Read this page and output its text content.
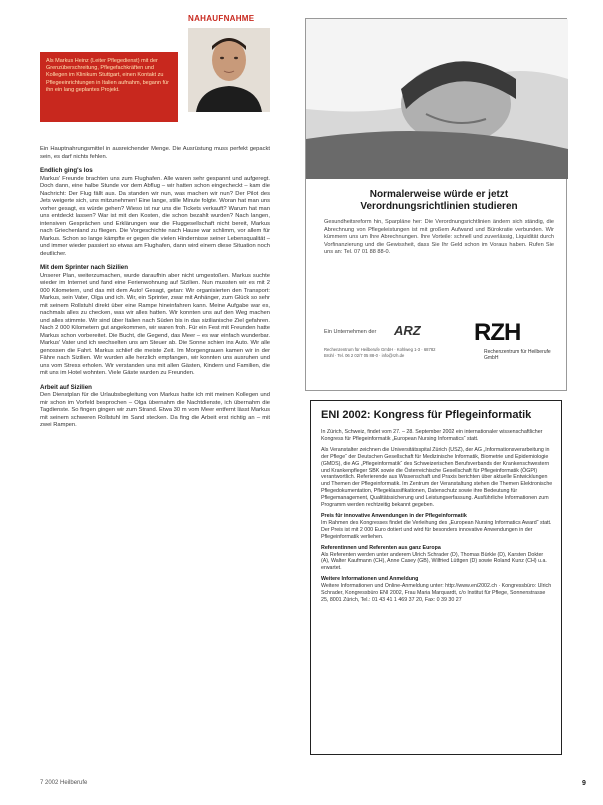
NAHAUFNAHME
Als Markus Heinz (Leiter Pflegedienst) mit der Grenzüberschreitung, Pflegefachkräften und Kollegen im Klinikum Stuttgart, einen Kontakt zu Pflegeeinrichtungen in Italien aufnahm, begann für ihn ein lang geplantes Projekt.

Ein Hauptnahrungsmittel in ausreichender Menge. Die Ausrüstung muss perfekt gepackt sein, es darf nichts fehlen.

Endlich ging's los

Markus' Freunde brachten uns zum Flughafen. Alle waren sehr gespannt und aufgeregt. Doch dann, eine halbe Stunde vor dem Abflug – wir hatten schon eingecheckt – kam die Nachricht: Der Flug fällt aus. Da standen wir nun, was machen wir nun? Der Pilot des Jets weigerte sich, uns mitzunehmen! Eine lange, stille Minute folgte. Woran hat man uns vorher gesagt, es würde gehen? Wieso ist nur uns die Tickets verkauft? Warum hat man uns entdeckt lassen? War ist mit den Kosten, die schon bezahlt wurden? Nach langen, intensiven Gesprächen und Erklärungen war die Fluggesellschaft nicht bereit, Markus nach Griechenland zu fliegen. Die Vorgeschichte nach Hause war schlimm, vor allem für Markus. Schon so lange kämpfte er gegen die vielen Hindernisse seiner Lebensqualität – und immer wieder passiert so etwas am Flughafen, dann wird einem diese Situation noch deutlicher.

Mit dem Sprinter nach Sizilien

Unserer Plan, weiterzumachen, wurde daraufhin aber nicht umgestoßen. Markus suchte wieder im Internet und fand eine Ferienwohnung auf Sizilien. Nun mussten wir es mit 2 000 Kilometern, und das mit dem Auto! Gesagt, getan: Wir organisierten den Transport: Markus, sein Vater, Olga und ich. Wir, ein Sprinter, zwar mit Anhänger, zum Glück so sehr mit seinem Rollstuhl direkt über eine Rampe hineinfahren kann. Meine Aufgabe war es, nachmals alles zu checken, was wir alles hatten. Wir konnten uns auf den Weg machen und alles stimmte. Wir sind über Italien nach Süden bis in das sizilianische Ziel gefahren. Nach 2 000 Kilometern gut angekommen, wir waren froh. Für ein Fest mit Freunden hatte Markus schon vorbereitet. Die Bucht, die Gegend, das Meer – es war einfach wunderbar. Markus' Vater und ich wechselten uns am Steuer ab. Die Sonne schien ins Auto. Wir alle genossen die Fahrt. Markus schlief die meiste Zeit. Im Morgengrauen kamen wir in der Fähre nach Sizilien. Wir wurden alle herzlich empfangen, wir konnten uns ausruhen und uns vom Stress erholen. Wir verstanden uns mit allen Gästen, Kindern und Familien, die mit uns im Hotel wohnten. Viele Gäste wurden zu Freunden.

Arbeit auf Sizilien

Den Dienstplan für die Urlaubsbegleitung von Markus hatte ich mit meinen Kollegen und mir schon im Vorfeld besprochen – Olga übernahm die Nachtdienste, ich übernahm die Tagdienste. So fingen gingen wir zum Strand. Etwa 30 m vom Meer entfernt lässt Markus mit seinem schweren Rollstuhl im Sand stecken. Da fing die Arbeit erst richtig an – mit zwei Rampen.

Normalerweise würde er jetzt Verordnungsrichtlinien studieren
Gesundheitsreform hin, Sparpläne her: Die Verordnungsrichtlinien ändern sich ständig, die Abrechnung von Pflegeleistungen ist mit großem Aufwand und Bürokratie verbunden. Wir kümmern uns um Ihre Abrechnungen. Ihre Vorteile: schnell und zuverlässig, Liquidität durch Vorfinanzierung und die Gewissheit, dass Sie Ihr Geld schon im Voraus haben. Rufen Sie uns an: Tel. 07 01 88 88-0.
Ein Unternehmen der ARZ
Rechenzentrum für Heilberufe GmbH · Kohlweg 1-3 · 68782 Brühl · Tel. 06 2 02/7 05 88-0 · info@rzh.de
RZH
Rechenzentrum für Heilberufe GmbH
ENI 2002: Kongress für Pflegeinformatik

In Zürich, Schweiz, findet vom 27. – 28. September 2002 ein internationaler wissenschaftlicher Kongress für Pflegeinformatik „European Nursing Informatics“ statt.

Als Veranstalter zeichnen die Universitätsspital Zürich (USZ), der AG „Informationsverarbeitung in der Pflege“ der Deutschen Gesellschaft für Medizinische Informatik, Biometrie und Epidemiologie (GMDS), die AG „Pflegeinformatik“ des Schweizerischen Berufsverbands der Krankenschwestern und Krankenpfleger SBK sowie die Österreichische Gesellschaft für Pflegeinformatik (ÖGPI) verantwortlich. Referierende aus Wissenschaft und Praxis berichten über aktuelle Entwicklungen und Themen der Pflegeinformatik. Im Zentrum der Veranstaltung stehen die Themen Elektronische Pflegedokumentation, Pflegeklassifikationen, Datenschutz sowie ihre Bedeutung für Pflegemanagement, Qualitätssicherung und Leistungserfassung. Ausführliche Informationen zum Programm werden rechtzeitig bekannt gegeben.

Preis für innovative Anwendungen in der Pflegeinformatik
Im Rahmen des Kongresses findet die Verleihung des „European Nursing Informatics Award“ statt. Der Preis ist mit 2 000 Euro dotiert und wird für besonders innovative Anwendungen in der Pflegeinformatik verliehen.

Referentinnen und Referenten aus ganz Europa
Als Referenten werden unter anderem Ulrich Schrader (D), Thomas Bürkle (D), Karsten Dokter (A), Walter Kaufmann (CH), Anne Casey (GB), Wilfried Lüttgen (D) sowie Roland Kunz (CH) u.a. erwartet.

Weitere Informationen und Anmeldung
Weitere Informationen und Online-Anmeldung unter: http://www.eni2002.ch · Kongressbüro: Ulrich Schrader, Kongressbüro ENI 2002, Frau Maria Marquardt, c/o Institut für Pflege, Sonnenstrasse 25, 8001 Zürich, Tel.: 01 43 41 1 469 37 20, Fax: 0 39 30 27

7 2002 Heilberufe	9
